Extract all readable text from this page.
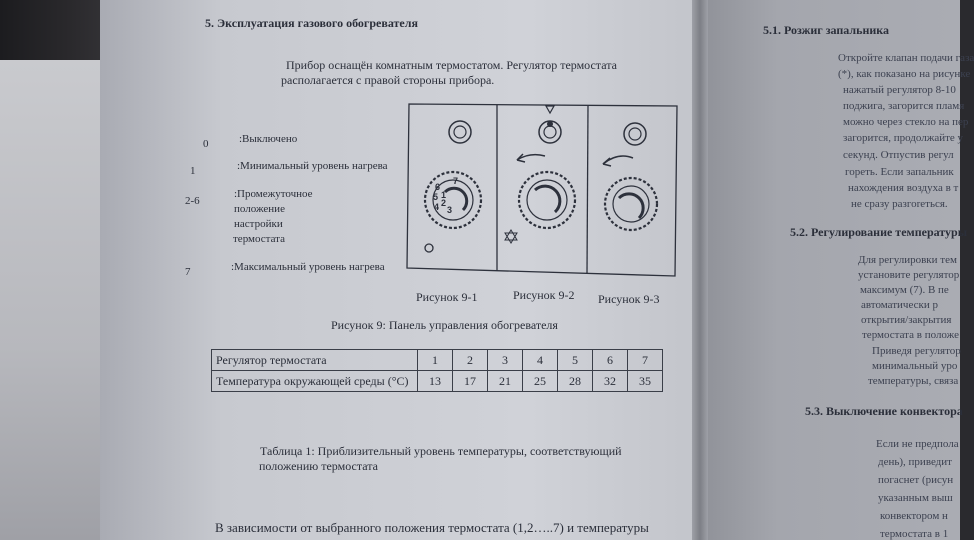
5. Эксплуатация газового обогревателя
Прибор оснащён комнатным термостатом. Регулятор термостата
располагается с правой стороны прибора.
0	:Выключено
1	:Минимальный уровень нагрева
2-6
:Промежуточное
положение
настройки
термостата
7	:Максимальный уровень нагрева
1
2
3
4
5
6
7
Рисунок 9-1	Рисунок 9-2 Рисунок 9-3
Рисунок 9: Панель управления обогревателя
Регулятор термостата	1	2	3	4	5	6	7
Температура окружающей среды (°C)	13	17	21	25	28	32	35
Таблица 1: Приблизительный уровень температуры, соответствующий
положению термостата
В зависимости от выбранного положения термостата (1,2…..7) и температуры
5.1. Розжиг запальника
Откройте клапан подачи газа
(*), как показано на рисунке
нажатый регулятор 8-10
поджига, загорится пламя
можно через стекло на пер
загорится, продолжайте у
секунд. Отпустив регул
гореть. Если запальник
нахождения воздуха в т
не сразу разгоreться.
5.2. Регулирование температуры
Для регулировки тем
установите регулятор
максимум (7). В пе
автоматически р
открытия/закрытия
термостата в положе
Приведя регулятор
минимальный уро
температуры, связа
5.3. Выключение конвектора
Если не предпола
день), приведит
погаснет (рисун
указанным выш
конвектором н
термостата в 1
